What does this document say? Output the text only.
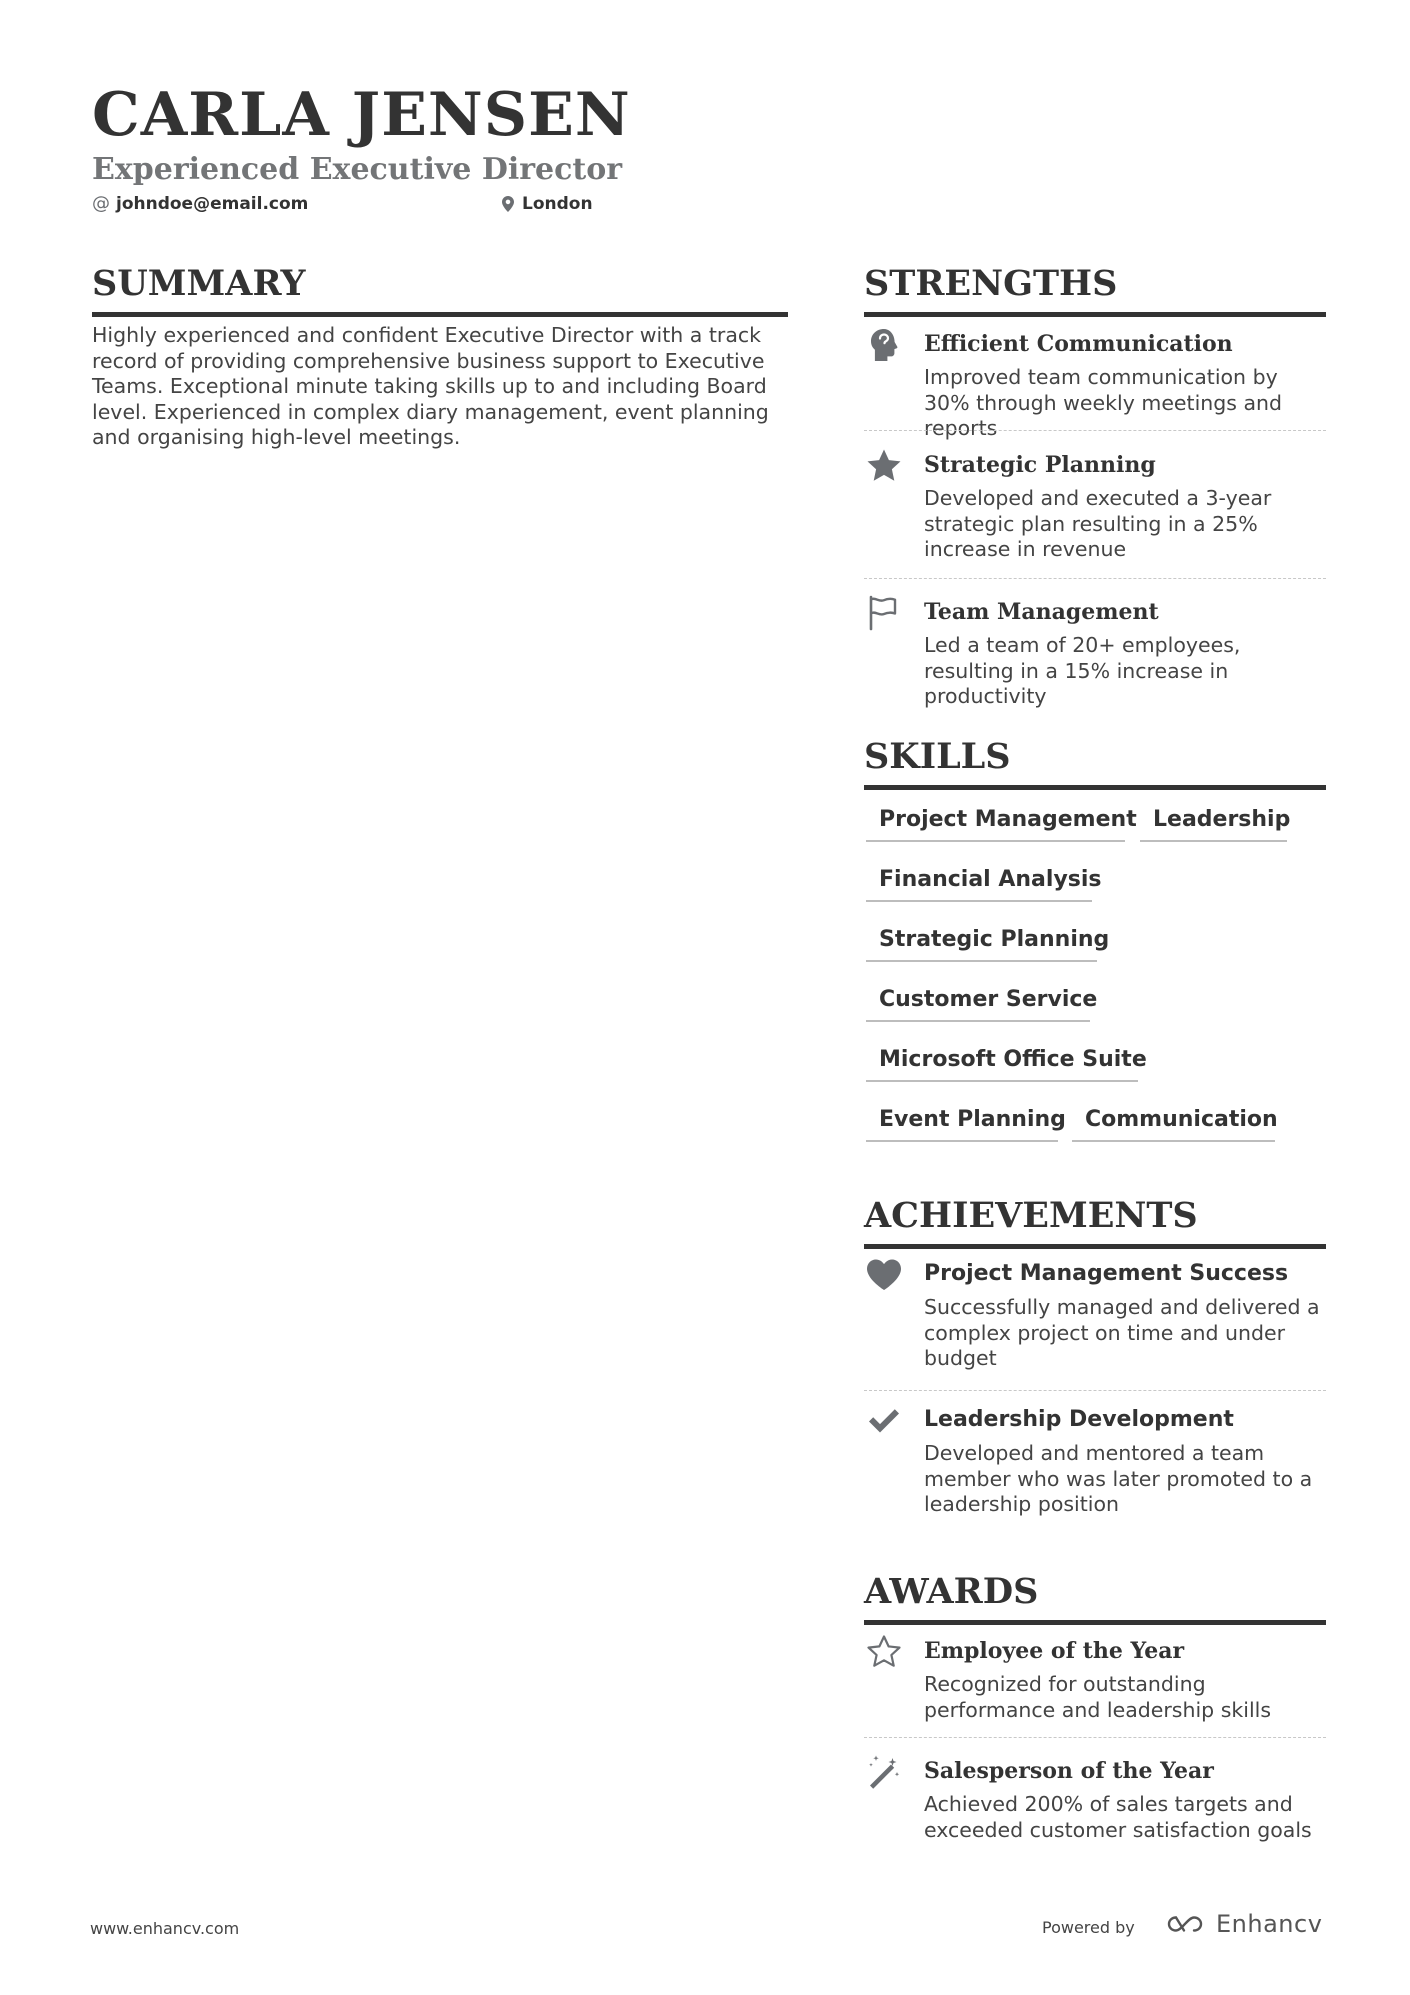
CARLA JENSEN
Experienced Executive Director
@ johndoe@email.com	London
SUMMARY

Highly experienced and confident Executive Director with a track record of providing comprehensive business support to Executive Teams. Exceptional minute taking skills up to and including Board level. Experienced in complex diary management, event planning and organising high-level meetings.

STRENGTHS
Efficient Communication

Improved team communication by 30% through weekly meetings and reports

Strategic Planning

Developed and executed a 3-year strategic plan resulting in a 25% increase in revenue

Team Management

Led a team of 20+ employees, resulting in a 15% increase in productivity

SKILLS
Project Management Leadership
Financial Analysis
Strategic Planning
Customer Service
Microsoft Office Suite
Event Planning Communication
ACHIEVEMENTS
Project Management Success

Successfully managed and delivered a complex project on time and under budget

Leadership Development

Developed and mentored a team member who was later promoted to a leadership position

AWARDS
Employee of the Year

Recognized for outstanding performance and leadership skills

Salesperson of the Year

Achieved 200% of sales targets and exceeded customer satisfaction goals

www.enhancv.com	Powered by	Enhancv
